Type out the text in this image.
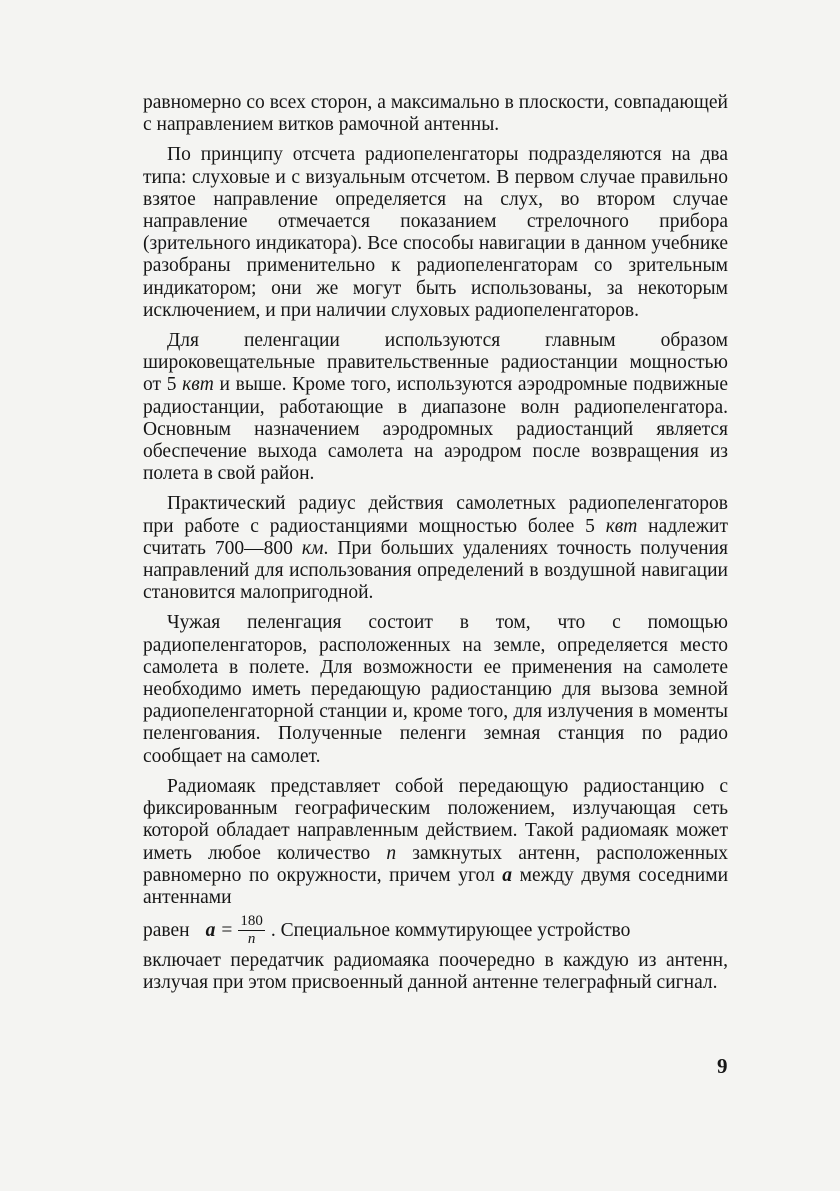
равномерно со всех сторон, а максимально в плоскости, совпадающей с направлением витков рамочной антенны.

По принципу отсчета радиопеленгаторы подразделяются на два типа: слуховые и с визуальным отсчетом. В первом случае правильно взятое направление определяется на слух, во втором случае направление отмечается показанием стрелочного прибора (зрительного индикатора). Все способы навигации в данном учебнике разобраны применительно к радиопеленгаторам со зрительным индикатором; они же могут быть использованы, за некоторым исключением, и при наличии слуховых радиопеленгаторов.

Для пеленгации используются главным образом широковещательные правительственные радиостанции мощностью от 5 квт и выше. Кроме того, используются аэродромные подвижные радиостанции, работающие в диапазоне волн радиопеленгатора. Основным назначением аэродромных радиостанций является обеспечение выхода самолета на аэродром после возвращения из полета в свой район.

Практический радиус действия самолетных радиопеленгаторов при работе с радиостанциями мощностью более 5 квт надлежит считать 700—800 км. При больших удалениях точность получения направлений для использования определений в воздушной навигации становится малопригодной.

Чужая пеленгация состоит в том, что с помощью радиопеленгаторов, расположенных на земле, определяется место самолета в полете. Для возможности ее применения на самолете необходимо иметь передающую радиостанцию для вызова земной радиопеленгаторной станции и, кроме того, для излучения в моменты пеленгования. Полученные пеленги земная станция по радио сообщает на самолет.

Радиомаяк представляет собой передающую радиостанцию с фиксированным географическим положением, излучающая сеть которой обладает направленным действием. Такой радиомаяк может иметь любое количество n замкнутых антенн, расположенных равномерно по окружности, причем угол a между двумя соседними антеннами

равен $a = \frac{180}{n}$ . Специальное коммутирующее устройство

включает передатчик радиомаяка поочередно в каждую из антенн, излучая при этом присвоенный данной антенне телеграфный сигнал.

9
